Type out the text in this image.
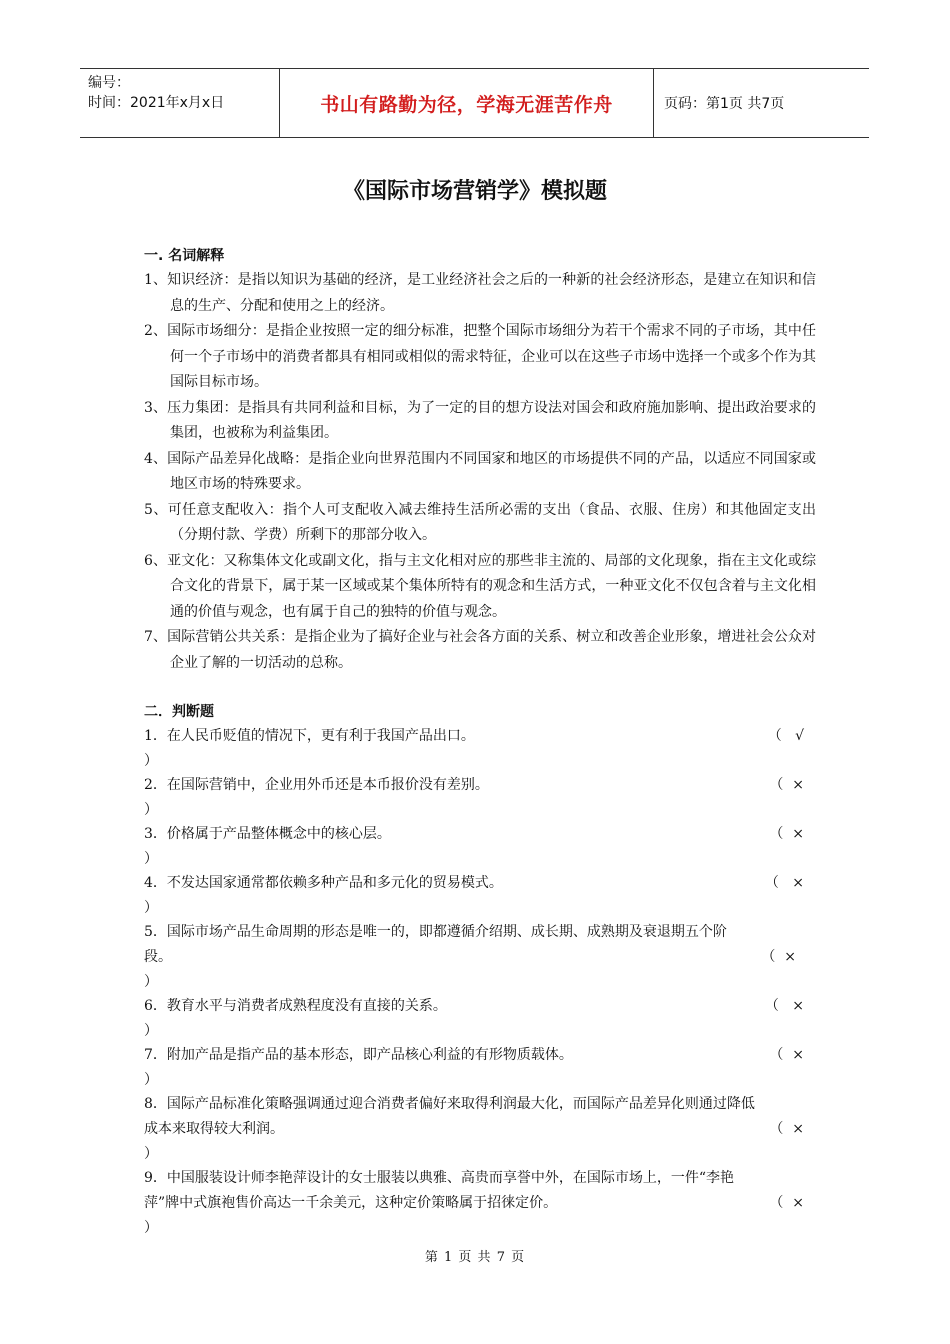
编号：
时间：2021年x月x日	书山有路勤为径，学海无涯苦作舟	页码：第1页 共7页
《国际市场营销学》模拟题
一. 名词解释
1、知识经济：是指以知识为基础的经济，是工业经济社会之后的一种新的社会经济形态，是建立在知识和信息的生产、分配和使用之上的经济。
2、国际市场细分：是指企业按照一定的细分标准，把整个国际市场细分为若干个需求不同的子市场，其中任何一个子市场中的消费者都具有相同或相似的需求特征，企业可以在这些子市场中选择一个或多个作为其国际目标市场。
3、压力集团：是指具有共同利益和目标，为了一定的目的想方设法对国会和政府施加影响、提出政治要求的集团，也被称为利益集团。
4、国际产品差异化战略：是指企业向世界范围内不同国家和地区的市场提供不同的产品，以适应不同国家或地区市场的特殊要求。
5、可任意支配收入：指个人可支配收入减去维持生活所必需的支出（食品、衣服、住房）和其他固定支出（分期付款、学费）所剩下的那部分收入。
6、亚文化：又称集体文化或副文化，指与主文化相对应的那些非主流的、局部的文化现象，指在主文化或综合文化的背景下，属于某一区域或某个集体所特有的观念和生活方式，一种亚文化不仅包含着与主文化相通的价值与观念，也有属于自己的独特的价值与观念。
7、国际营销公共关系：是指企业为了搞好企业与社会各方面的关系、树立和改善企业形象，增进社会公众对企业了解的一切活动的总称。
二．判断题
1．在人民币贬值的情况下，更有利于我国产品出口。	（   √
）
2．在国际营销中，企业用外币还是本币报价没有差别。	（  ×
）
3．价格属于产品整体概念中的核心层。	（  ×
）
4．不发达国家通常都依赖多种产品和多元化的贸易模式。	（   ×
）
5．国际市场产品生命周期的形态是唯一的，即都遵循介绍期、成长期、成熟期及衰退期五个阶段。	（  ×
）
6．教育水平与消费者成熟程度没有直接的关系。	（   ×
）
7．附加产品是指产品的基本形态，即产品核心利益的有形物质载体。	（  ×
）
8．国际产品标准化策略强调通过迎合消费者偏好来取得利润最大化，而国际产品差异化则通过降低成本来取得较大利润。	（  ×
）
9．中国服装设计师李艳萍设计的女士服装以典雅、高贵而享誉中外，在国际市场上，一件“李艳萍”牌中式旗袍售价高达一千余美元，这种定价策略属于招徕定价。	（  ×
）
第 1 页 共 7 页
